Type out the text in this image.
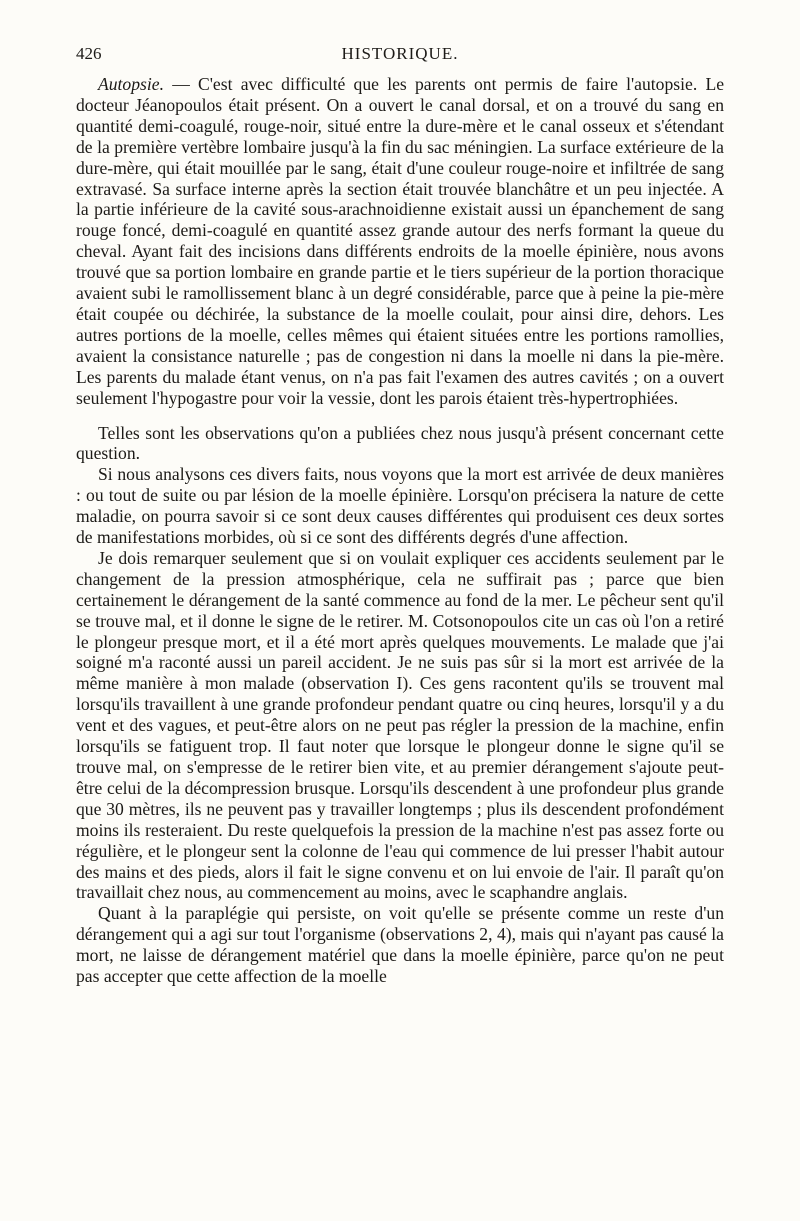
426	HISTORIQUE.

Autopsie. — C'est avec difficulté que les parents ont permis de faire l'autopsie. Le docteur Jéanopoulos était présent. On a ouvert le canal dorsal, et on a trouvé du sang en quantité demi-coagulé, rouge-noir, situé entre la dure-mère et le canal osseux et s'étendant de la première vertèbre lombaire jusqu'à la fin du sac méningien. La surface extérieure de la dure-mère, qui était mouillée par le sang, était d'une couleur rouge-noire et infiltrée de sang extravasé. Sa surface interne après la section était trouvée blanchâtre et un peu injectée. A la partie inférieure de la cavité sous-arachnoidienne existait aussi un épanchement de sang rouge foncé, demi-coagulé en quantité assez grande autour des nerfs formant la queue du cheval. Ayant fait des incisions dans différents endroits de la moelle épinière, nous avons trouvé que sa portion lombaire en grande partie et le tiers supérieur de la portion thoracique avaient subi le ramollissement blanc à un degré considérable, parce que à peine la pie-mère était coupée ou déchirée, la substance de la moelle coulait, pour ainsi dire, dehors. Les autres portions de la moelle, celles mêmes qui étaient situées entre les portions ramollies, avaient la consistance naturelle ; pas de congestion ni dans la moelle ni dans la pie-mère. Les parents du malade étant venus, on n'a pas fait l'examen des autres cavités ; on a ouvert seulement l'hypogastre pour voir la vessie, dont les parois étaient très-hypertrophiées.

Telles sont les observations qu'on a publiées chez nous jusqu'à présent concernant cette question.

Si nous analysons ces divers faits, nous voyons que la mort est arrivée de deux manières : ou tout de suite ou par lésion de la moelle épinière. Lorsqu'on précisera la nature de cette maladie, on pourra savoir si ce sont deux causes différentes qui produisent ces deux sortes de manifestations morbides, où si ce sont des différents degrés d'une affection.

Je dois remarquer seulement que si on voulait expliquer ces accidents seulement par le changement de la pression atmosphérique, cela ne suffirait pas ; parce que bien certainement le dérangement de la santé commence au fond de la mer. Le pêcheur sent qu'il se trouve mal, et il donne le signe de le retirer. M. Cotsonopoulos cite un cas où l'on a retiré le plongeur presque mort, et il a été mort après quelques mouvements. Le malade que j'ai soigné m'a raconté aussi un pareil accident. Je ne suis pas sûr si la mort est arrivée de la même manière à mon malade (observation I). Ces gens racontent qu'ils se trouvent mal lorsqu'ils travaillent à une grande profondeur pendant quatre ou cinq heures, lorsqu'il y a du vent et des vagues, et peut-être alors on ne peut pas régler la pression de la machine, enfin lorsqu'ils se fatiguent trop. Il faut noter que lorsque le plongeur donne le signe qu'il se trouve mal, on s'empresse de le retirer bien vite, et au premier dérangement s'ajoute peut-être celui de la décompression brusque. Lorsqu'ils descendent à une profondeur plus grande que 30 mètres, ils ne peuvent pas y travailler longtemps ; plus ils descendent profondément moins ils resteraient. Du reste quelquefois la pression de la machine n'est pas assez forte ou régulière, et le plongeur sent la colonne de l'eau qui commence de lui presser l'habit autour des mains et des pieds, alors il fait le signe convenu et on lui envoie de l'air. Il paraît qu'on travaillait chez nous, au commencement au moins, avec le scaphandre anglais.

Quant à la paraplégie qui persiste, on voit qu'elle se présente comme un reste d'un dérangement qui a agi sur tout l'organisme (observations 2, 4), mais qui n'ayant pas causé la mort, ne laisse de dérangement matériel que dans la moelle épinière, parce qu'on ne peut pas accepter que cette affection de la moelle
